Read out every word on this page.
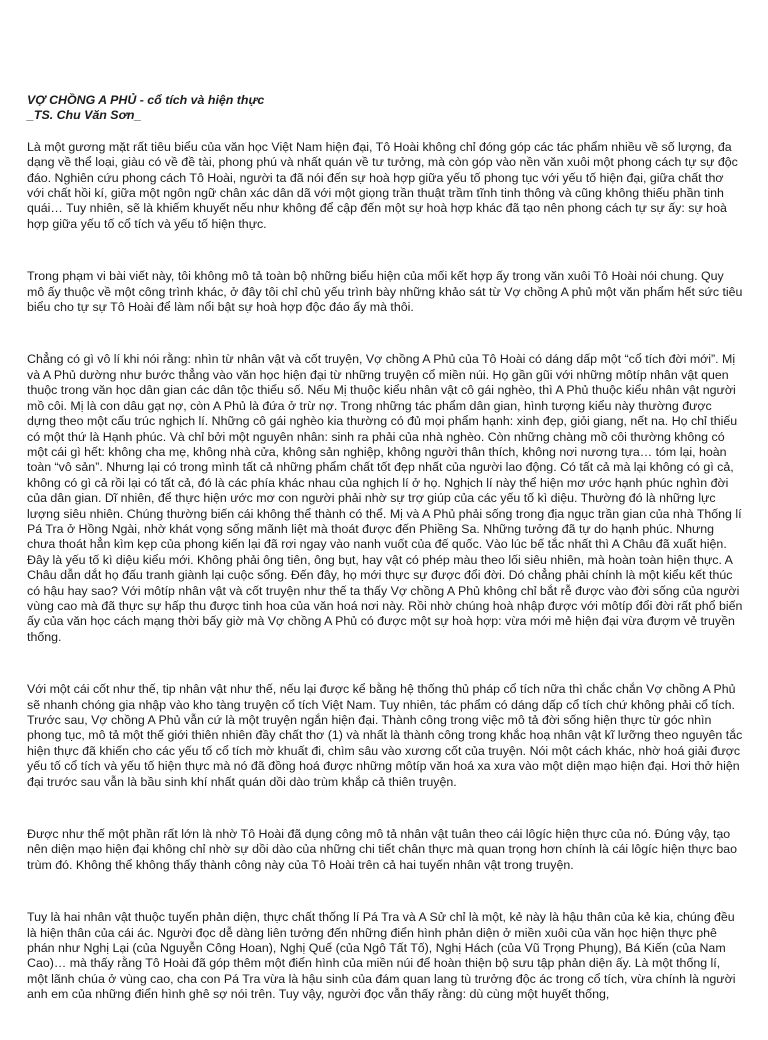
VỢ CHỒNG A PHỦ - cổ tích và hiện thực

_TS. Chu Văn Sơn_

Là một gương mặt rất tiêu biểu của văn học Việt Nam hiện đại, Tô Hoài không chỉ đóng góp các tác phẩm nhiều về số lượng, đa dạng về thể loại, giàu có về đề tài, phong phú và nhất quán về tư tưởng, mà còn góp vào nền văn xuôi một phong cách tự sự độc đáo. Nghiên cứu phong cách Tô Hoài, người ta đã nói đến sự hoà hợp giữa yếu tố phong tục với yếu tố hiện đại, giữa chất thơ với chất hồi kí, giữa một ngôn ngữ chân xác dân dã với một giọng trần thuật trầm tĩnh tinh thông và cũng không thiếu phần tinh quái… Tuy nhiên, sẽ là khiếm khuyết nếu như không để cập đến một sự hoà hợp khác đã tạo nên phong cách tự sự ấy: sự hoà hợp giữa yếu tố cổ tích và yếu tố hiện thực.

Trong phạm vi bài viết này, tôi không mô tả toàn bộ những biểu hiện của mối kết hợp ấy trong văn xuôi Tô Hoài nói chung. Quy mô ấy thuộc về một công trình khác, ở đây tôi chỉ chủ yếu trình bày những khảo sát từ Vợ chồng A phủ một văn phẩm hết sức tiêu biểu cho tự sự Tô Hoài để làm nổi bật sự hoà hợp độc đáo ấy mà thôi.

Chẳng có gì vô lí khi nói rằng: nhìn từ nhân vật và cốt truyện, Vợ chồng A Phủ của Tô Hoài có dáng dấp một “cổ tích đời mới”. Mị và A Phủ dường như bước thẳng vào văn học hiện đại từ những truyện cổ miền núi. Họ gần gũi với những môtíp nhân vật quen thuộc trong văn học dân gian các dân tộc thiểu số. Nếu Mị thuộc kiểu nhân vật cô gái nghèo, thì A Phủ thuộc kiểu nhân vật người mồ côi. Mị là con dâu gạt nợ, còn A Phủ là đứa ở trừ nợ. Trong những tác phẩm dân gian, hình tượng kiểu này thường được dựng theo một cấu trúc nghịch lí. Những cô gái nghèo kia thường có đủ mọi phẩm hạnh: xinh đẹp, giỏi giang, nết na. Họ chỉ thiếu có một thứ là Hạnh phúc. Và chỉ bởi một nguyên nhân: sinh ra phải của nhà nghèo. Còn những chàng mồ côi thường không có một cái gì hết: không cha mẹ, không nhà cửa, không sản nghiệp, không người thân thích, không nơi nương tựa… tóm lại, hoàn toàn “vô sản”. Nhưng lại có trong mình tất cả những phẩm chất tốt đẹp nhất của người lao động. Có tất cả mà lại không có gì cả, không có gì cả rồi lại có tất cả, đó là các phía khác nhau của nghịch lí ở họ. Nghịch lí này thể hiện mơ ước hạnh phúc nghìn đời của dân gian. Dĩ nhiên, để thực hiện ước mơ con người phải nhờ sự trợ giúp của các yếu tố kì diệu. Thường đó là những lực lượng siêu nhiên. Chúng thường biến cái không thể thành có thể. Mị và A Phủ phải sống trong địa ngục trần gian của nhà Thống lí Pá Tra ở Hồng Ngài, nhờ khát vọng sống mãnh liệt mà thoát được đến Phiềng Sa. Những tưởng đã tự do hạnh phúc. Nhưng chưa thoát hẳn kìm kẹp của phong kiến lại đã rơi ngay vào nanh vuốt của đế quốc. Vào lúc bế tắc nhất thì A Châu đã xuất hiện. Đây là yếu tố kì diệu kiểu mới. Không phải ông tiên, ông bụt, hay vật có phép màu theo lối siêu nhiên, mà hoàn toàn hiện thực. A Châu dẫn dắt họ đấu tranh giành lại cuộc sống. Đến đây, họ mới thực sự được đổi đời. Dó chẳng phải chính là một kiểu kết thúc có hậu hay sao? Với môtíp nhân vật và cốt truyện như thế ta thấy Vợ chồng A Phủ không chỉ bắt rễ được vào đời sống của người vùng cao mà đã thực sự hấp thu được tinh hoa của văn hoá nơi này. Rồi nhờ chúng hoà nhập được với môtíp đổi đời rất phổ biến ấy của văn học cách mạng thời bấy giờ mà Vợ chồng A Phủ có được một sự hoà hợp: vừa mới mẻ hiện đại vừa đượm vẻ truyền thống.

Với một cái cốt như thế, tip nhân vật như thế, nếu lại được kể bằng hệ thống thủ pháp cổ tích nữa thì chắc chắn Vợ chồng A Phủ sẽ nhanh chóng gia nhập vào kho tàng truyện cổ tích Việt Nam. Tuy nhiên, tác phẩm có dáng dấp cổ tích chứ không phải cổ tích. Trước sau, Vợ chồng A Phủ vẫn cứ là một truyện ngắn hiện đại. Thành công trong việc mô tả đời sống hiện thực từ góc nhìn phong tục, mô tả một thế giới thiên nhiên đầy chất thơ (1) và nhất là thành công trong khắc hoạ nhân vật kĩ lưỡng theo nguyên tắc hiện thực đã khiến cho các yếu tố cổ tích mờ khuất đi, chìm sâu vào xương cốt của truyện. Nói một cách khác, nhờ hoá giải được yếu tố cổ tích và yếu tố hiện thực mà nó đã đồng hoá được những môtíp văn hoá xa xưa vào một diện mạo hiện đại. Hơi thở hiện đại trước sau vẫn là bầu sinh khí nhất quán dồi dào trùm khắp cả thiên truyện.

Được như thế một phần rất lớn là nhờ Tô Hoài đã dụng công mô tả nhân vật tuân theo cái lôgíc hiện thực của nó. Đúng vậy, tạo nên diện mạo hiện đại không chỉ nhờ sự dồi dào của những chi tiết chân thực mà quan trọng hơn chính là cái lôgíc hiện thực bao trùm đó. Không thể không thấy thành công này của Tô Hoài trên cả hai tuyến nhân vật trong truyện.

Tuy là hai nhân vật thuộc tuyến phản diện, thực chất thống lí Pá Tra và A Sử chỉ là một, kẻ này là hậu thân của kẻ kia, chúng đều là hiện thân của cái ác. Người đọc dễ dàng liên tưởng đến những điển hình phản diện ở miền xuôi của văn học hiện thực phê phán như Nghị Lại (của Nguyễn Công Hoan), Nghị Quế (của Ngô Tất Tố), Nghị Hách (của Vũ Trọng Phụng), Bá Kiến (của Nam Cao)… mà thấy rằng Tô Hoài đã góp thêm một điển hình của miền núi để hoàn thiện bộ sưu tập phản diện ấy. Là một thống lí, một lãnh chúa ở vùng cao, cha con Pá Tra vừa là hậu sinh của đám quan lang tù trưởng độc ác trong cổ tích, vừa chính là người anh em của những điển hình ghê sợ nói trên. Tuy vậy, người đọc vẫn thấy rằng: dù cùng một huyết thống,
